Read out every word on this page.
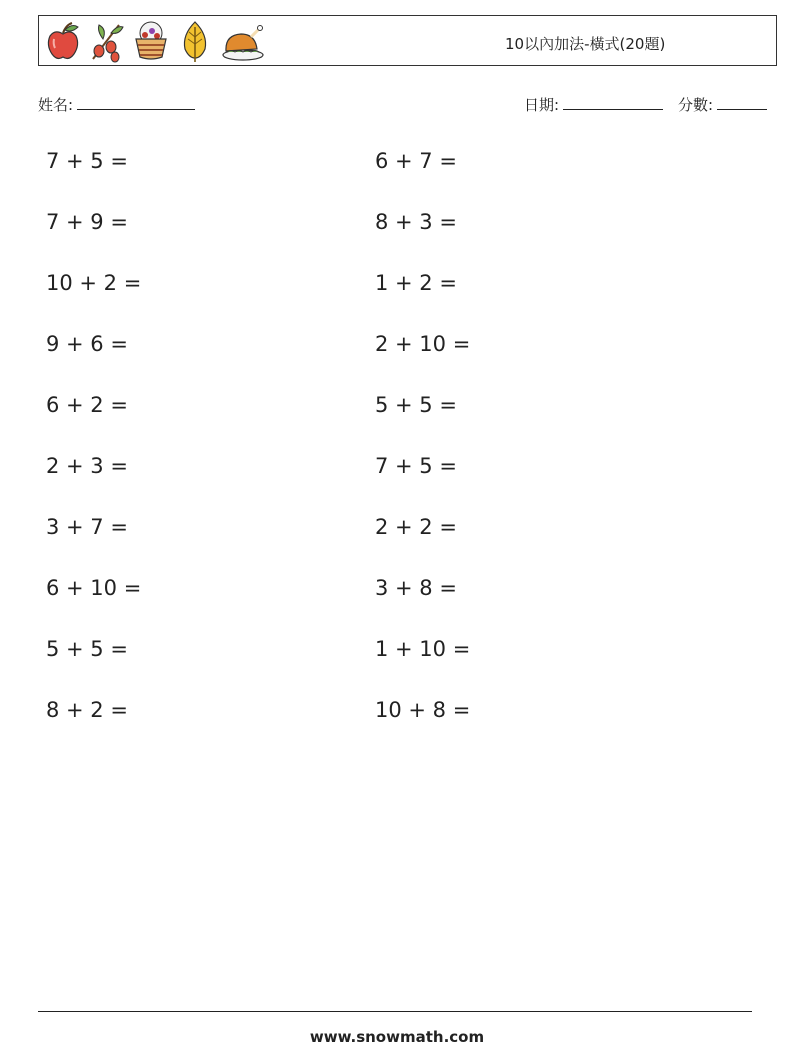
10以內加法-橫式(20題)
姓名:	日期:	分數:
7 + 5 =
7 + 9 =
10 + 2 =
9 + 6 =
6 + 2 =
2 + 3 =
3 + 7 =
6 + 10 =
5 + 5 =
8 + 2 =
6 + 7 =
8 + 3 =
1 + 2 =
2 + 10 =
5 + 5 =
7 + 5 =
2 + 2 =
3 + 8 =
1 + 10 =
10 + 8 =
www.snowmath.com
